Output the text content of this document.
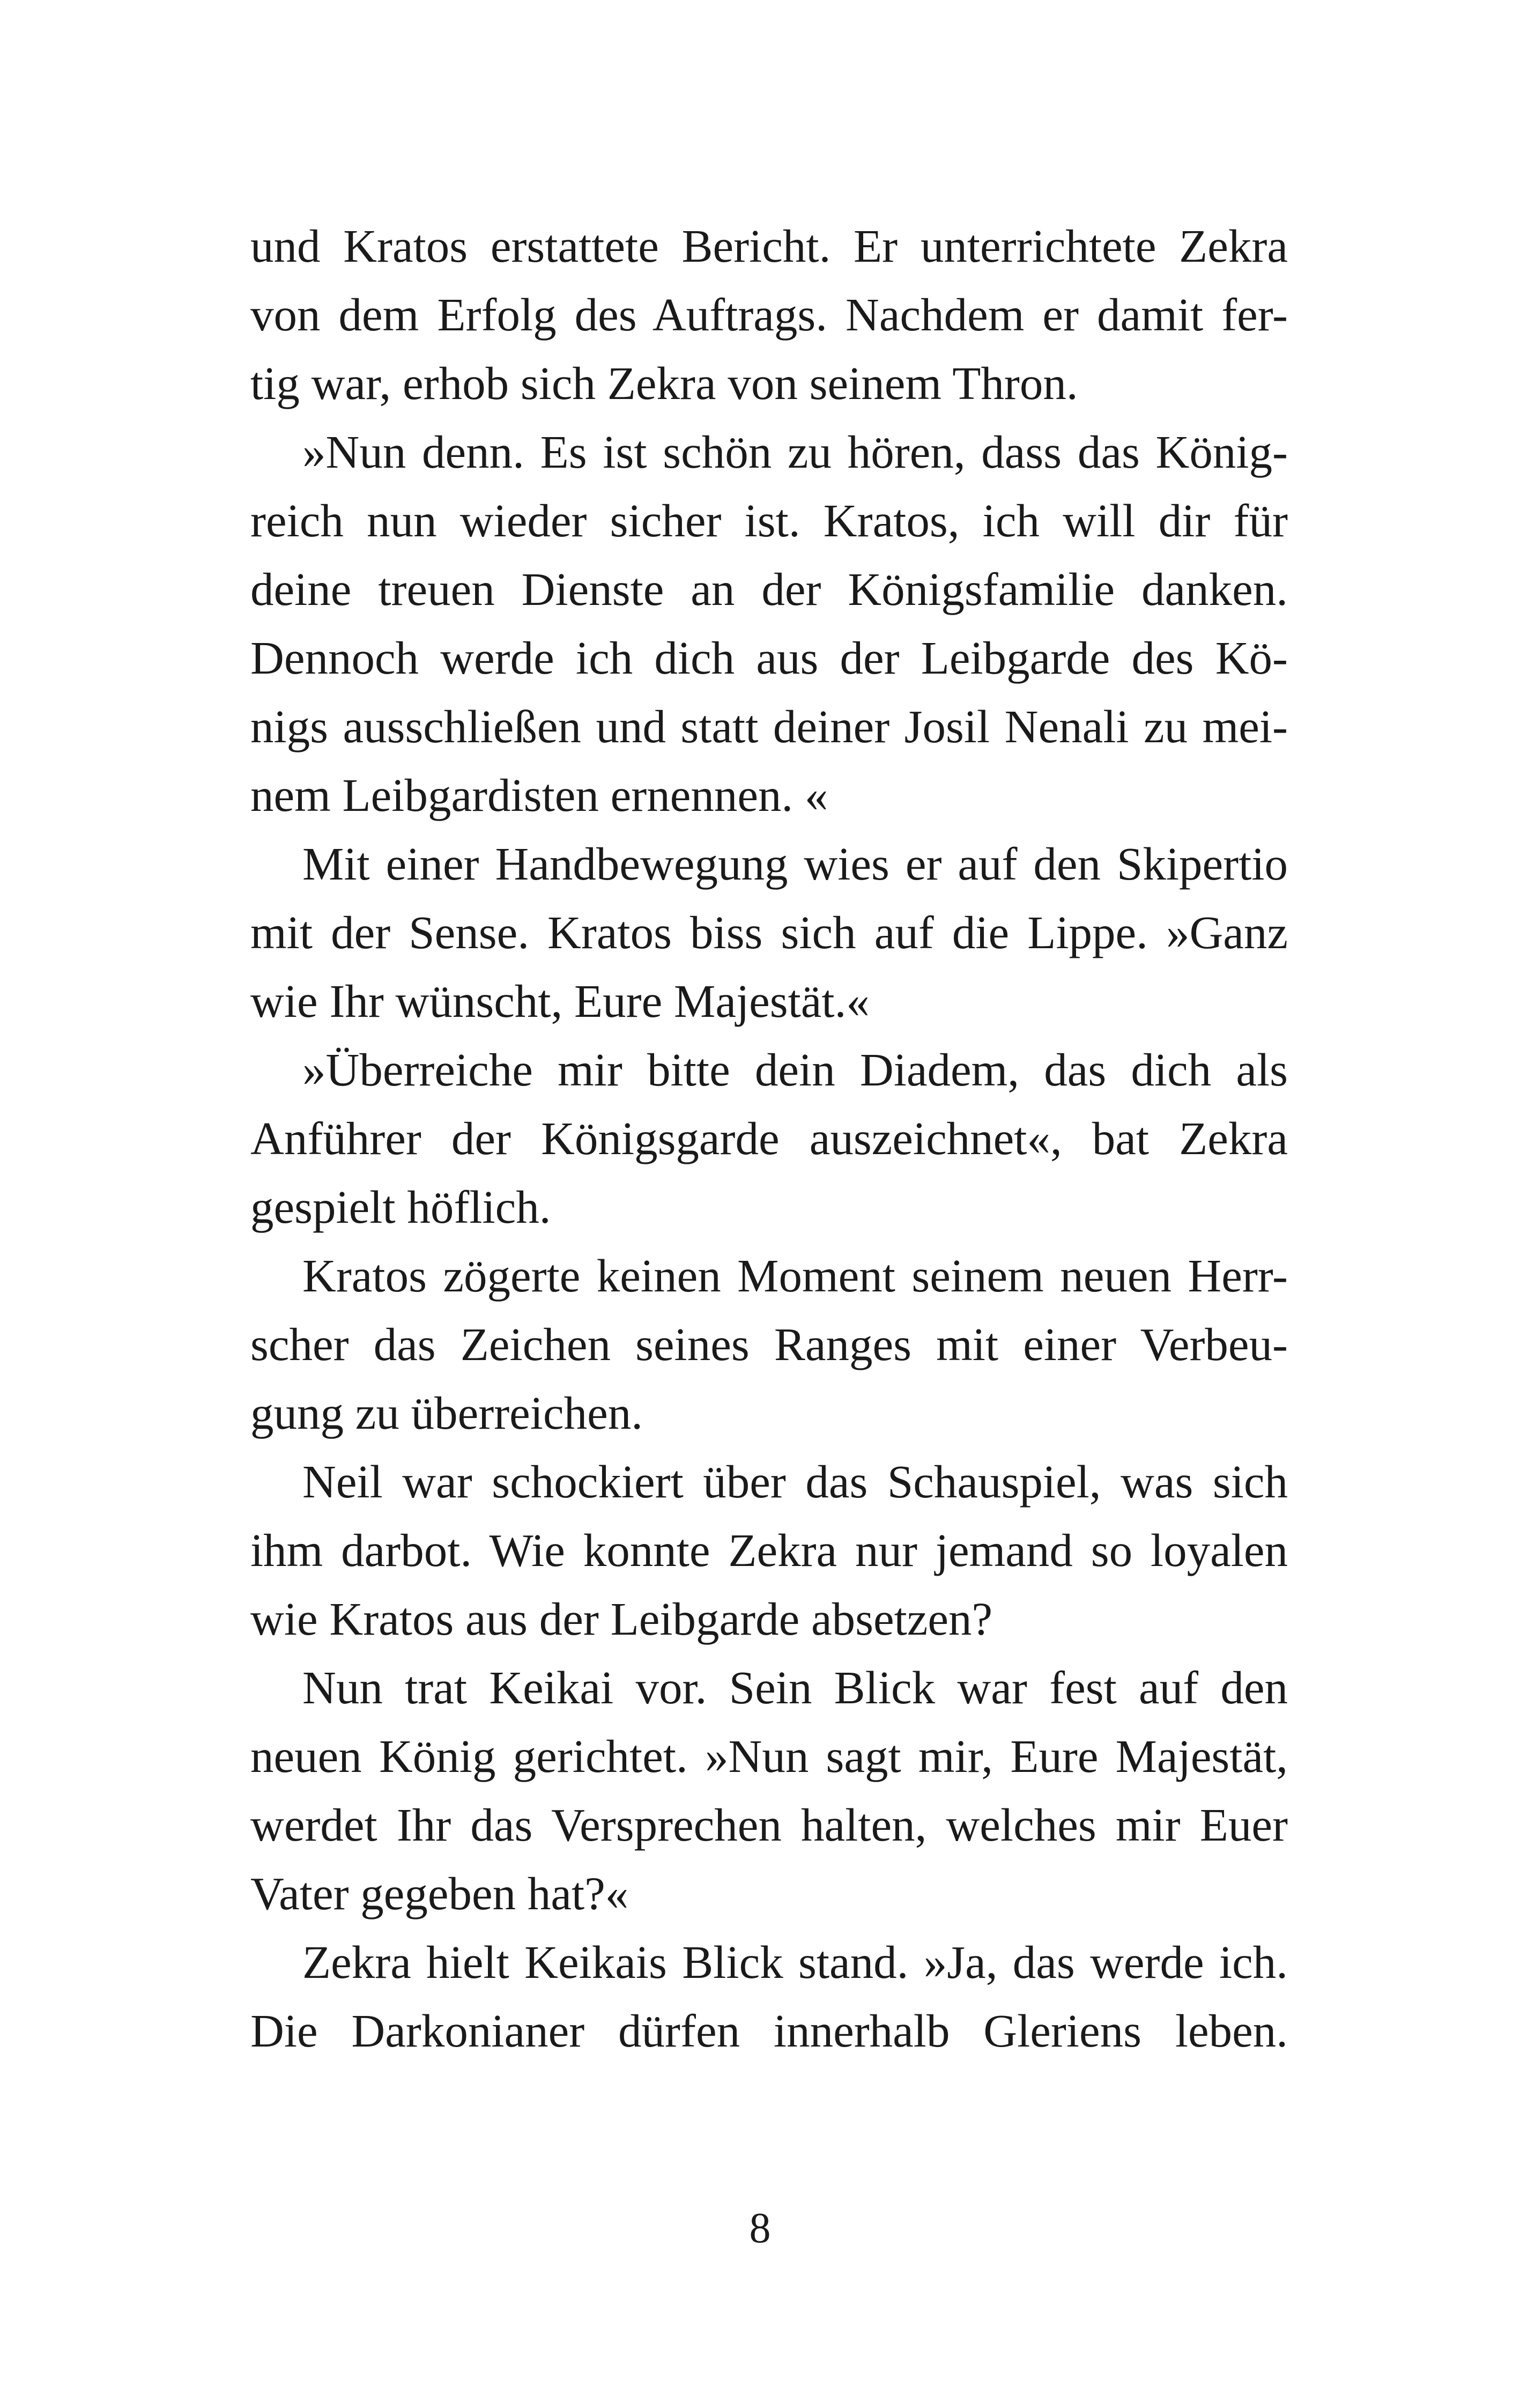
und Kratos erstattete Bericht. Er unterrichtete Zekra
von dem Erfolg des Auftrags. Nachdem er damit fer-
tig war, erhob sich Zekra von seinem Thron.
»Nun denn. Es ist schön zu hören, dass das König-
reich nun wieder sicher ist. Kratos, ich will dir für
deine treuen Dienste an der Königsfamilie danken.
Dennoch werde ich dich aus der Leibgarde des Kö-
nigs ausschließen und statt deiner Josil Nenali zu mei-
nem Leibgardisten ernennen. «
Mit einer Handbewegung wies er auf den Skipertio
mit der Sense. Kratos biss sich auf die Lippe. »Ganz
wie Ihr wünscht, Eure Majestät.«
»Überreiche mir bitte dein Diadem, das dich als
Anführer der Königsgarde auszeichnet«, bat Zekra
gespielt höflich.
Kratos zögerte keinen Moment seinem neuen Herr-
scher das Zeichen seines Ranges mit einer Verbeu-
gung zu überreichen.
Neil war schockiert über das Schauspiel, was sich
ihm darbot. Wie konnte Zekra nur jemand so loyalen
wie Kratos aus der Leibgarde absetzen?
Nun trat Keikai vor. Sein Blick war fest auf den
neuen König gerichtet. »Nun sagt mir, Eure Majestät,
werdet Ihr das Versprechen halten, welches mir Euer
Vater gegeben hat?«
Zekra hielt Keikais Blick stand. »Ja, das werde ich.
Die Darkonianer dürfen innerhalb Gleriens leben.
8
